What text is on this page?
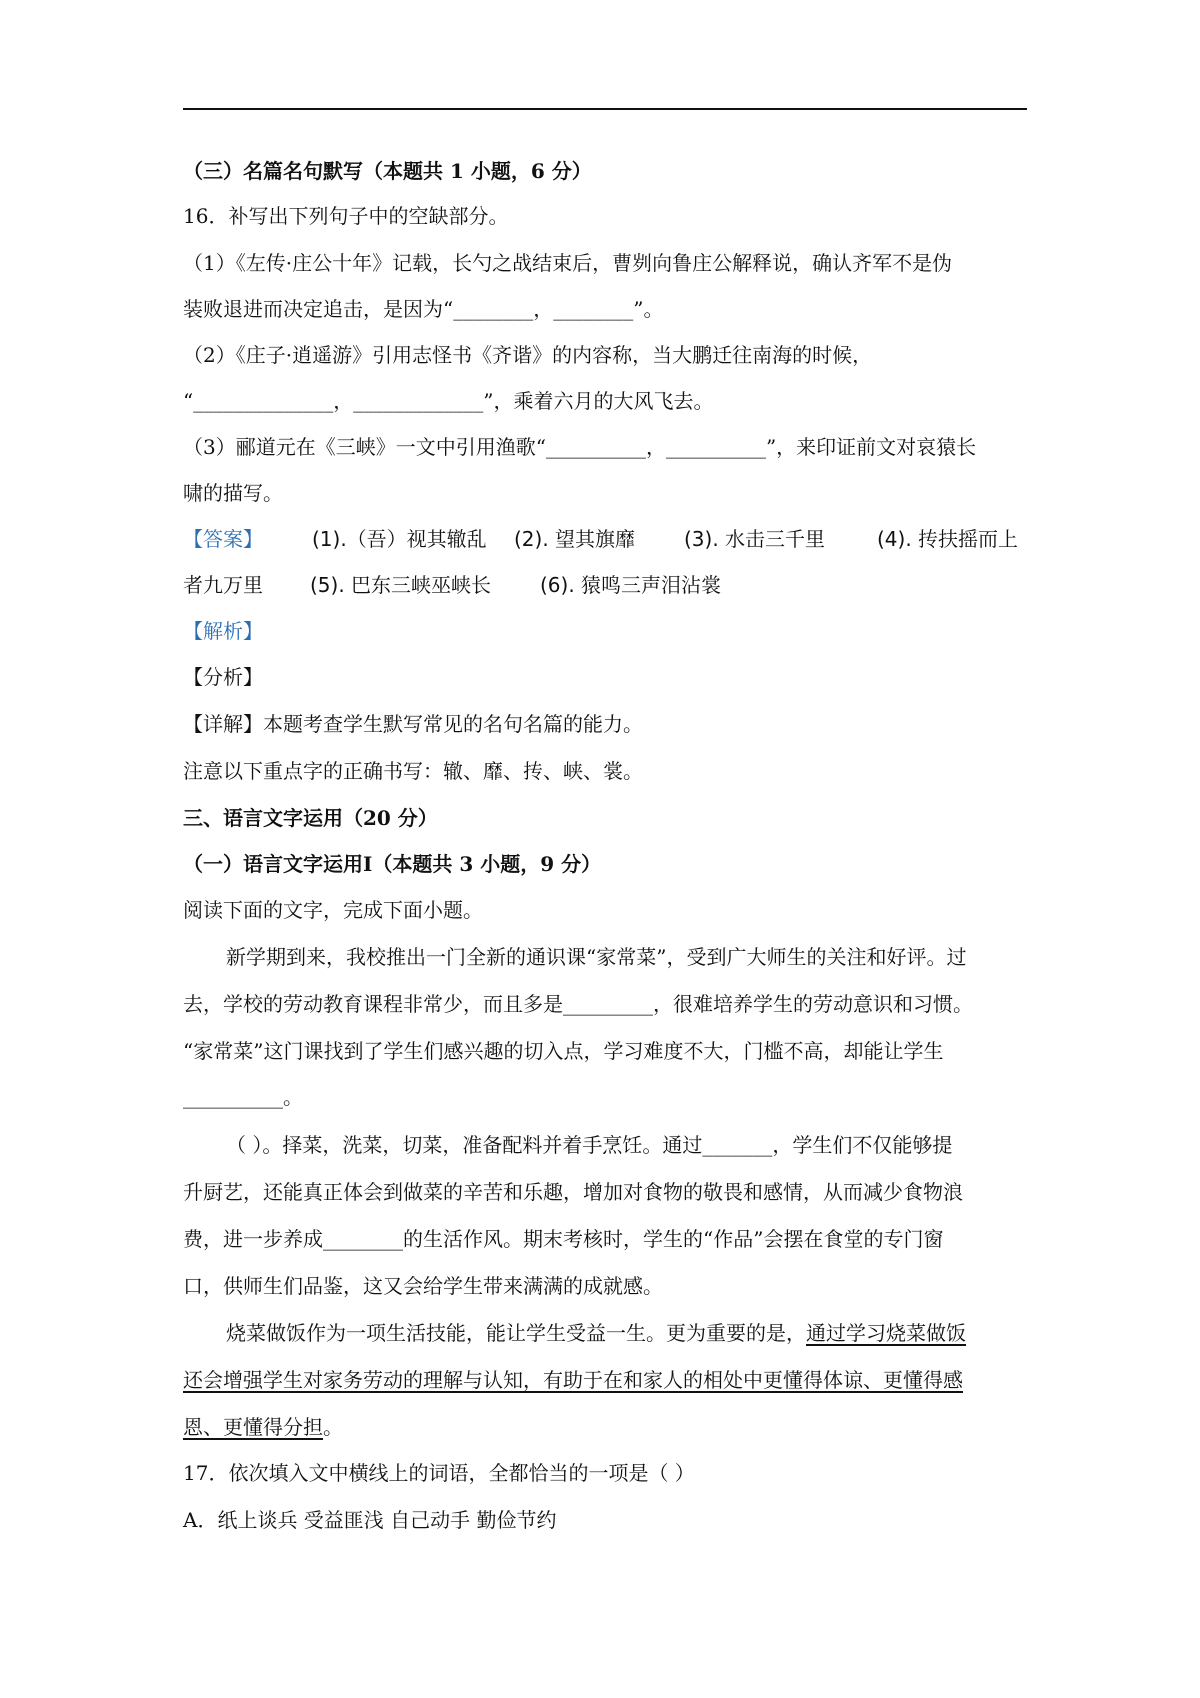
（三）名篇名句默写（本题共 1 小题，6 分）
16．补写出下列句子中的空缺部分。
（1）《左传·庄公十年》记载，长勺之战结束后，曹刿向鲁庄公解释说，确认齐军不是伪
装败退进而决定追击，是因为“________，________”。
（2）《庄子·逍遥游》引用志怪书《齐谐》的内容称，当大鹏迁往南海的时候，
“______________，_____________”，乘着六月的大风飞去。
（3）郦道元在《三峡》一文中引用渔歌“__________，__________”，来印证前文对哀猿长
啸的描写。
【答案】 (1).（吾）视其辙乱 (2). 望其旗靡 (3). 水击三千里	(4). 抟扶摇而上
者九万里 (5). 巴东三峡巫峡长 (6). 猿鸣三声泪沾裳
【解析】
【分析】
【详解】本题考查学生默写常见的名句名篇的能力。
注意以下重点字的正确书写：辙、靡、抟、峡、裳。
三、语言文字运用（20 分）
（一）语言文字运用Ⅰ（本题共 3 小题，9 分）
阅读下面的文字，完成下面小题。
新学期到来，我校推出一门全新的通识课“家常菜”，受到广大师生的关注和好评。过
去，学校的劳动教育课程非常少，而且多是_________，很难培养学生的劳动意识和习惯。
“家常菜”这门课找到了学生们感兴趣的切入点，学习难度不大，门槛不高，却能让学生
__________。
（ ）。择菜，洗菜，切菜，准备配料并着手烹饪。通过_______，学生们不仅能够提
升厨艺，还能真正体会到做菜的辛苦和乐趣，增加对食物的敬畏和感情，从而减少食物浪
费，进一步养成________的生活作风。期末考核时，学生的“作品”会摆在食堂的专门窗
口，供师生们品鉴，这又会给学生带来满满的成就感。
烧菜做饭作为一项生活技能，能让学生受益一生。更为重要的是，通过学习烧菜做饭
还会增强学生对家务劳动的理解与认知，有助于在和家人的相处中更懂得体谅、更懂得感
恩、更懂得分担。
17．依次填入文中横线上的词语，全都恰当的一项是（ ）
A．纸上谈兵 受益匪浅 自己动手 勤俭节约
